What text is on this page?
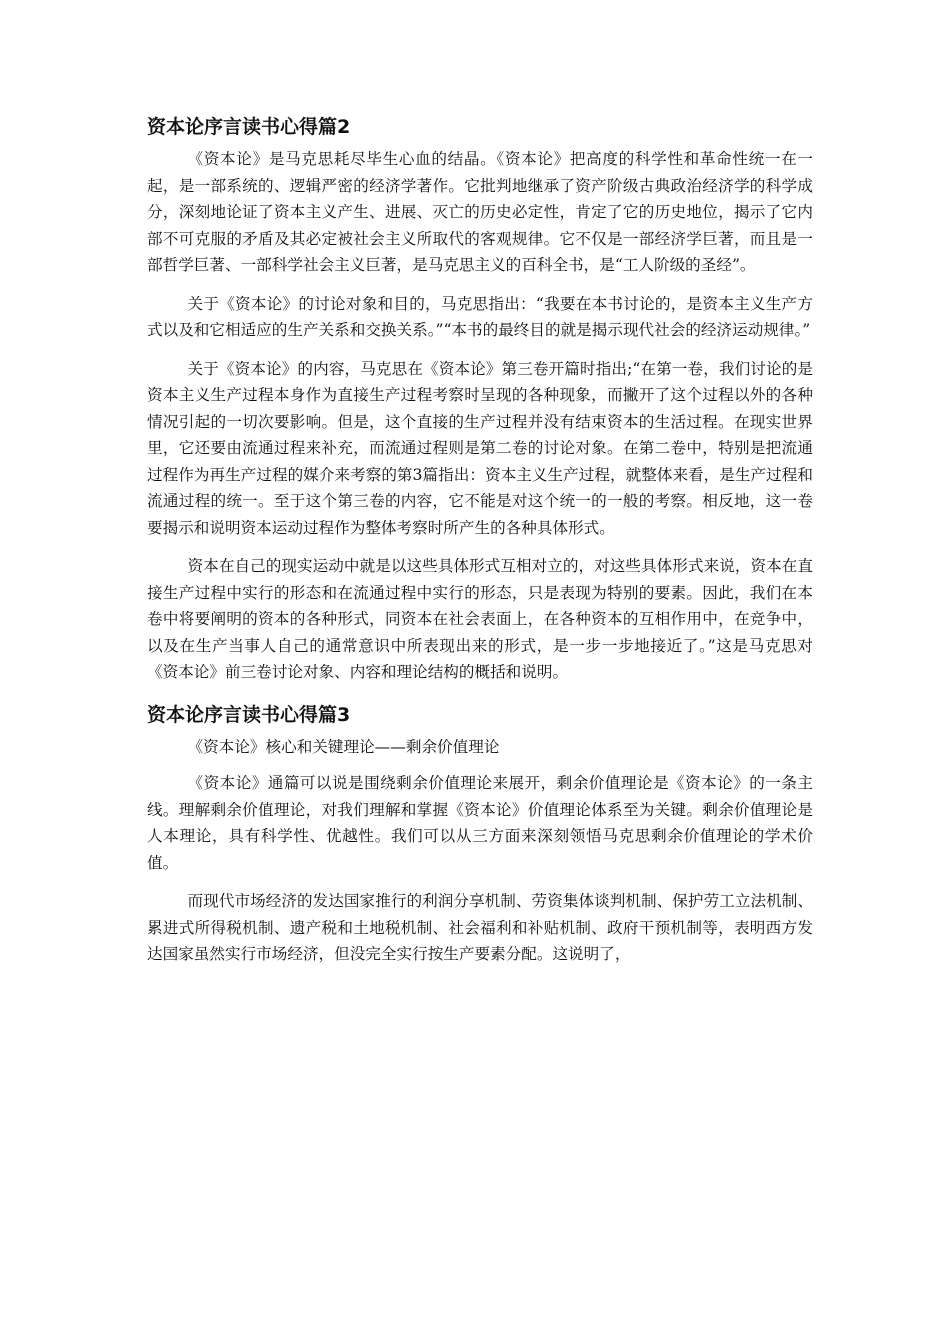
资本论序言读书心得篇2

《资本论》是马克思耗尽毕生心血的结晶。《资本论》把高度的科学性和革命性统一在一起，是一部系统的、逻辑严密的经济学著作。它批判地继承了资产阶级古典政治经济学的科学成分，深刻地论证了资本主义产生、进展、灭亡的历史必定性，肯定了它的历史地位，揭示了它内部不可克服的矛盾及其必定被社会主义所取代的客观规律。它不仅是一部经济学巨著，而且是一部哲学巨著、一部科学社会主义巨著，是马克思主义的百科全书，是“工人阶级的圣经”。

关于《资本论》的讨论对象和目的，马克思指出：“我要在本书讨论的，是资本主义生产方式以及和它相适应的生产关系和交换关系。”“本书的最终目的就是揭示现代社会的经济运动规律。”

关于《资本论》的内容，马克思在《资本论》第三卷开篇时指出;“在第一卷，我们讨论的是资本主义生产过程本身作为直接生产过程考察时呈现的各种现象，而撇开了这个过程以外的各种情况引起的一切次要影响。但是，这个直接的生产过程并没有结束资本的生活过程。在现实世界里，它还要由流通过程来补充，而流通过程则是第二卷的讨论对象。在第二卷中，特别是把流通过程作为再生产过程的媒介来考察的第3篇指出：资本主义生产过程，就整体来看，是生产过程和流通过程的统一。至于这个第三卷的内容，它不能是对这个统一的一般的考察。相反地，这一卷要揭示和说明资本运动过程作为整体考察时所产生的各种具体形式。

资本在自己的现实运动中就是以这些具体形式互相对立的，对这些具体形式来说，资本在直接生产过程中实行的形态和在流通过程中实行的形态，只是表现为特别的要素。因此，我们在本卷中将要阐明的资本的各种形式，同资本在社会表面上，在各种资本的互相作用中，在竞争中，以及在生产当事人自己的通常意识中所表现出来的形式，是一步一步地接近了。”这是马克思对《资本论》前三卷讨论对象、内容和理论结构的概括和说明。

资本论序言读书心得篇3

《资本论》核心和关键理论——剩余价值理论

《资本论》通篇可以说是围绕剩余价值理论来展开，剩余价值理论是《资本论》的一条主线。理解剩余价值理论，对我们理解和掌握《资本论》价值理论体系至为关键。剩余价值理论是人本理论，具有科学性、优越性。我们可以从三方面来深刻领悟马克思剩余价值理论的学术价值。

而现代市场经济的发达国家推行的利润分享机制、劳资集体谈判机制、保护劳工立法机制、累进式所得税机制、遗产税和土地税机制、社会福利和补贴机制、政府干预机制等，表明西方发达国家虽然实行市场经济，但没完全实行按生产要素分配。这说明了，
